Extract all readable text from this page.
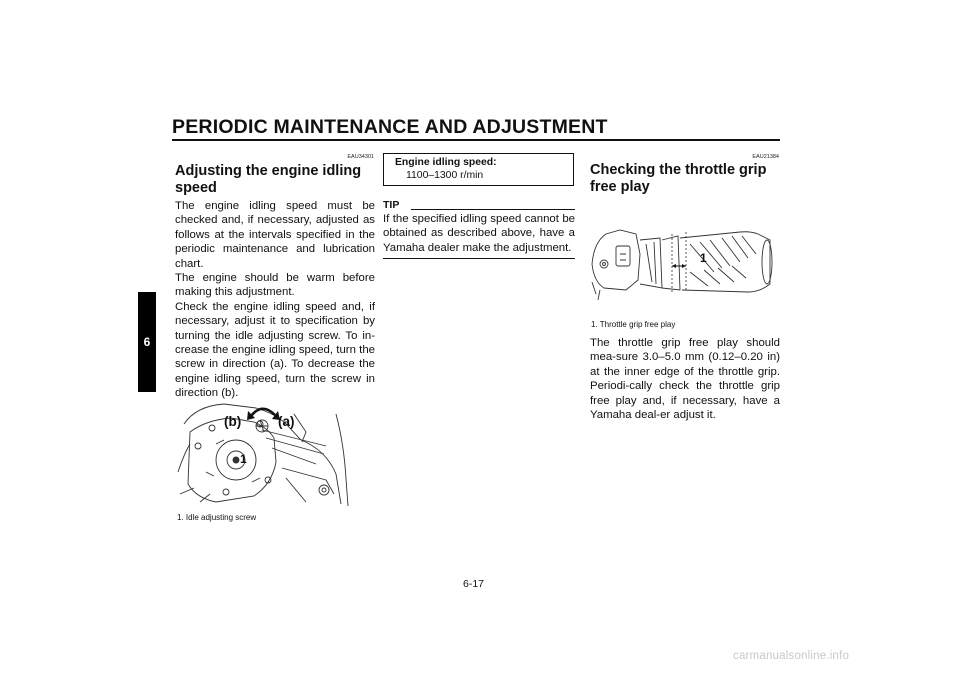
PERIODIC MAINTENANCE AND ADJUSTMENT
6
EAU34301
Adjusting the engine idling speed

The engine idling speed must be checked and, if necessary, adjusted as follows at the intervals specified in the periodic maintenance and lubrication chart.

The engine should be warm before making this adjustment.

Check the engine idling speed and, if necessary, adjust it to specification by turning the idle adjusting screw. To in-crease the engine idling speed, turn the screw in direction (a). To decrease the engine idling speed, turn the screw in direction (b).

(b)	(a)
1
1. Idle adjusting screw
Engine idling speed:
1100–1300 r/min
TIP
If the specified idling speed cannot be obtained as described above, have a Yamaha dealer make the adjustment.
EAU21384
Checking the throttle grip free play
1
1. Throttle grip free play
The throttle grip free play should mea-sure 3.0–5.0 mm (0.12–0.20 in) at the inner edge of the throttle grip. Periodi-cally check the throttle grip free play and, if necessary, have a Yamaha deal-er adjust it.
6-17
carmanualsonline.info
